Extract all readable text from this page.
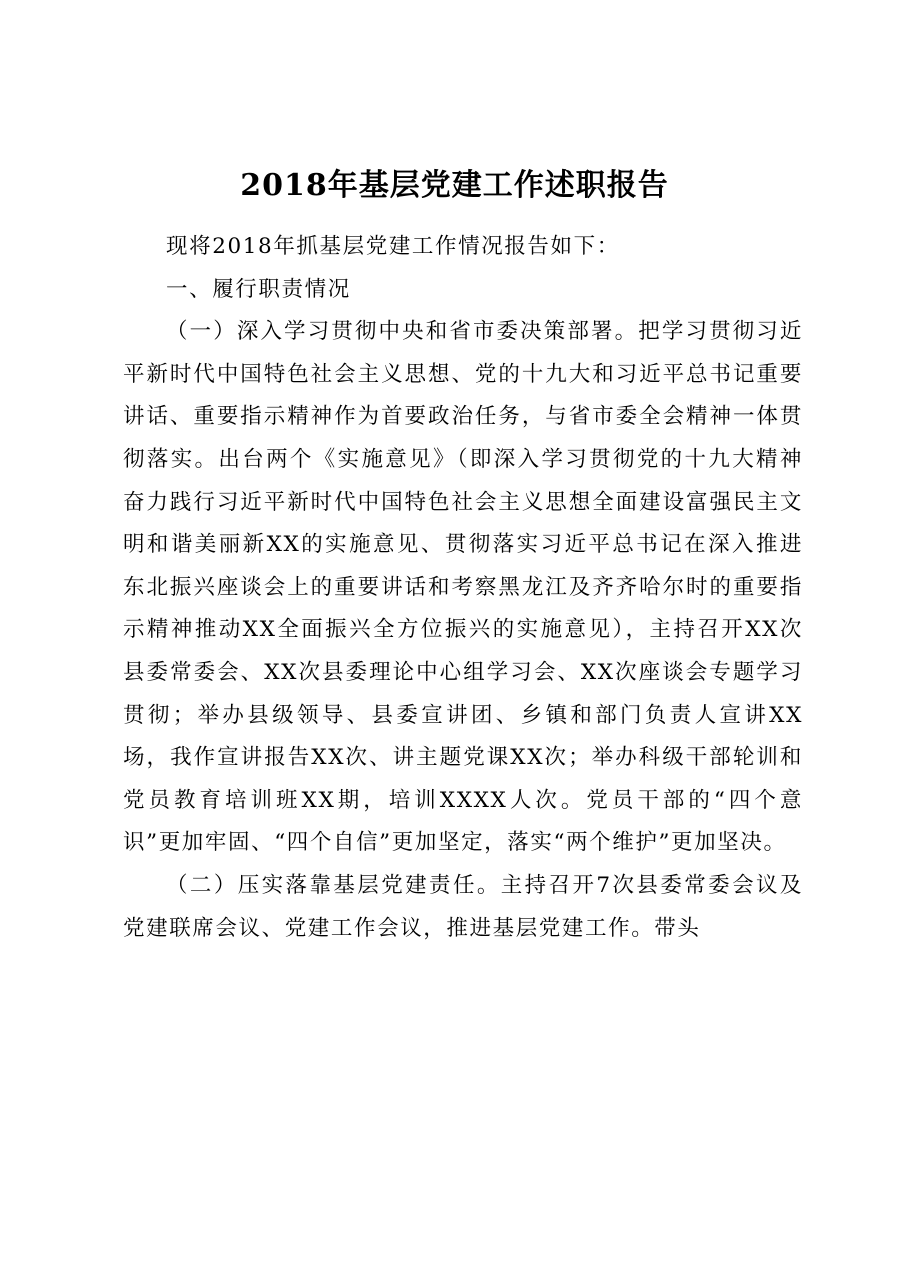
2018年基层党建工作述职报告

现将2018年抓基层党建工作情况报告如下：

一、履行职责情况

（一）深入学习贯彻中央和省市委决策部署。把学习贯彻习近平新时代中国特色社会主义思想、党的十九大和习近平总书记重要讲话、重要指示精神作为首要政治任务，与省市委全会精神一体贯彻落实。出台两个《实施意见》（即深入学习贯彻党的十九大精神奋力践行习近平新时代中国特色社会主义思想全面建设富强民主文明和谐美丽新XX的实施意见、贯彻落实习近平总书记在深入推进东北振兴座谈会上的重要讲话和考察黑龙江及齐齐哈尔时的重要指示精神推动XX全面振兴全方位振兴的实施意见），主持召开XX次县委常委会、XX次县委理论中心组学习会、XX次座谈会专题学习贯彻；举办县级领导、县委宣讲团、乡镇和部门负责人宣讲XX场，我作宣讲报告XX次、讲主题党课XX次；举办科级干部轮训和党员教育培训班XX期，培训XXXX人次。党员干部的“四个意识”更加牢固、“四个自信”更加坚定，落实“两个维护”更加坚决。

（二）压实落靠基层党建责任。主持召开7次县委常委会议及党建联席会议、党建工作会议，推进基层党建工作。带头
